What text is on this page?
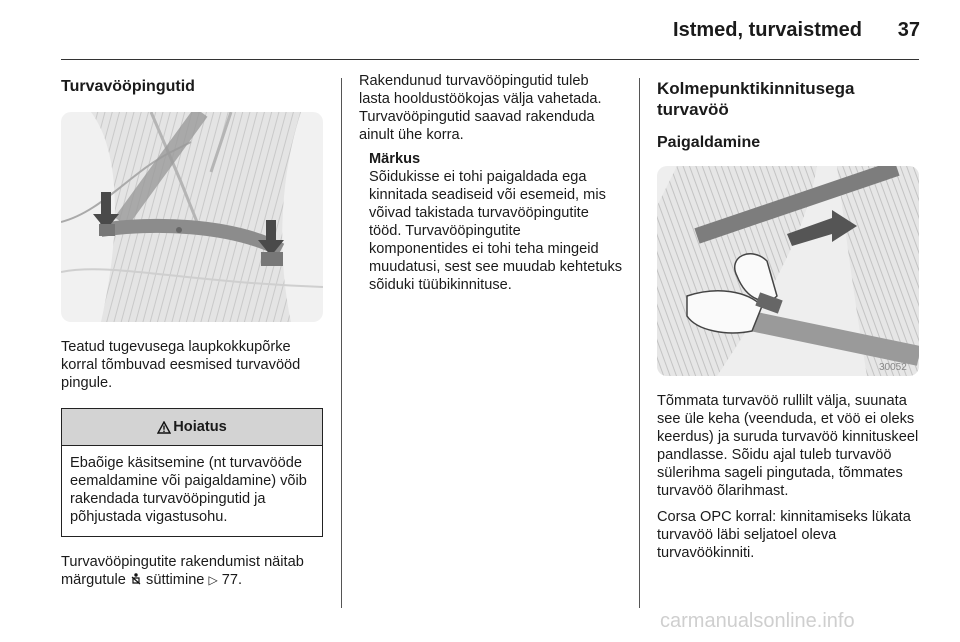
Istmed, turvaistmed 37
Turvavööpingutid

Teatud tugevusega laupkokkupõrke korral tõmbuvad eesmised turvavööd pingule.

Hoiatus
Ebaõige käsitsemine (nt turvavööde eemaldamine või paigaldamine) võib rakendada turvavööpingutid ja põhjustada vigastusohu.

Turvavööpingutite rakendumist näitab märgutule süttimine ▷ 77.

Rakendunud turvavööpingutid tuleb lasta hooldustöökojas välja vahetada. Turvavööpingutid saavad rakenduda ainult ühe korra.

Märkus
Sõidukisse ei tohi paigaldada ega kinnitada seadiseid või esemeid, mis võivad takistada turvavööpingutite tööd. Turvavööpingutite komponentides ei tohi teha mingeid muudatusi, sest see muudab kehtetuks sõiduki tüübikinnituse.
Kolmepunktikinnitusega turvavöö
Paigaldamine
30052

Tõmmata turvavöö rullilt välja, suunata see üle keha (veenduda, et vöö ei oleks keerdus) ja suruda turvavöö kinnituskeel pandlasse. Sõidu ajal tuleb turvavöö sülerihma sageli pingutada, tõmmates turvavöö õlarihmast.

Corsa OPC korral: kinnitamiseks lükata turvavöö läbi seljatoel oleva turvavöökinniti.

carmanualsonline.info
